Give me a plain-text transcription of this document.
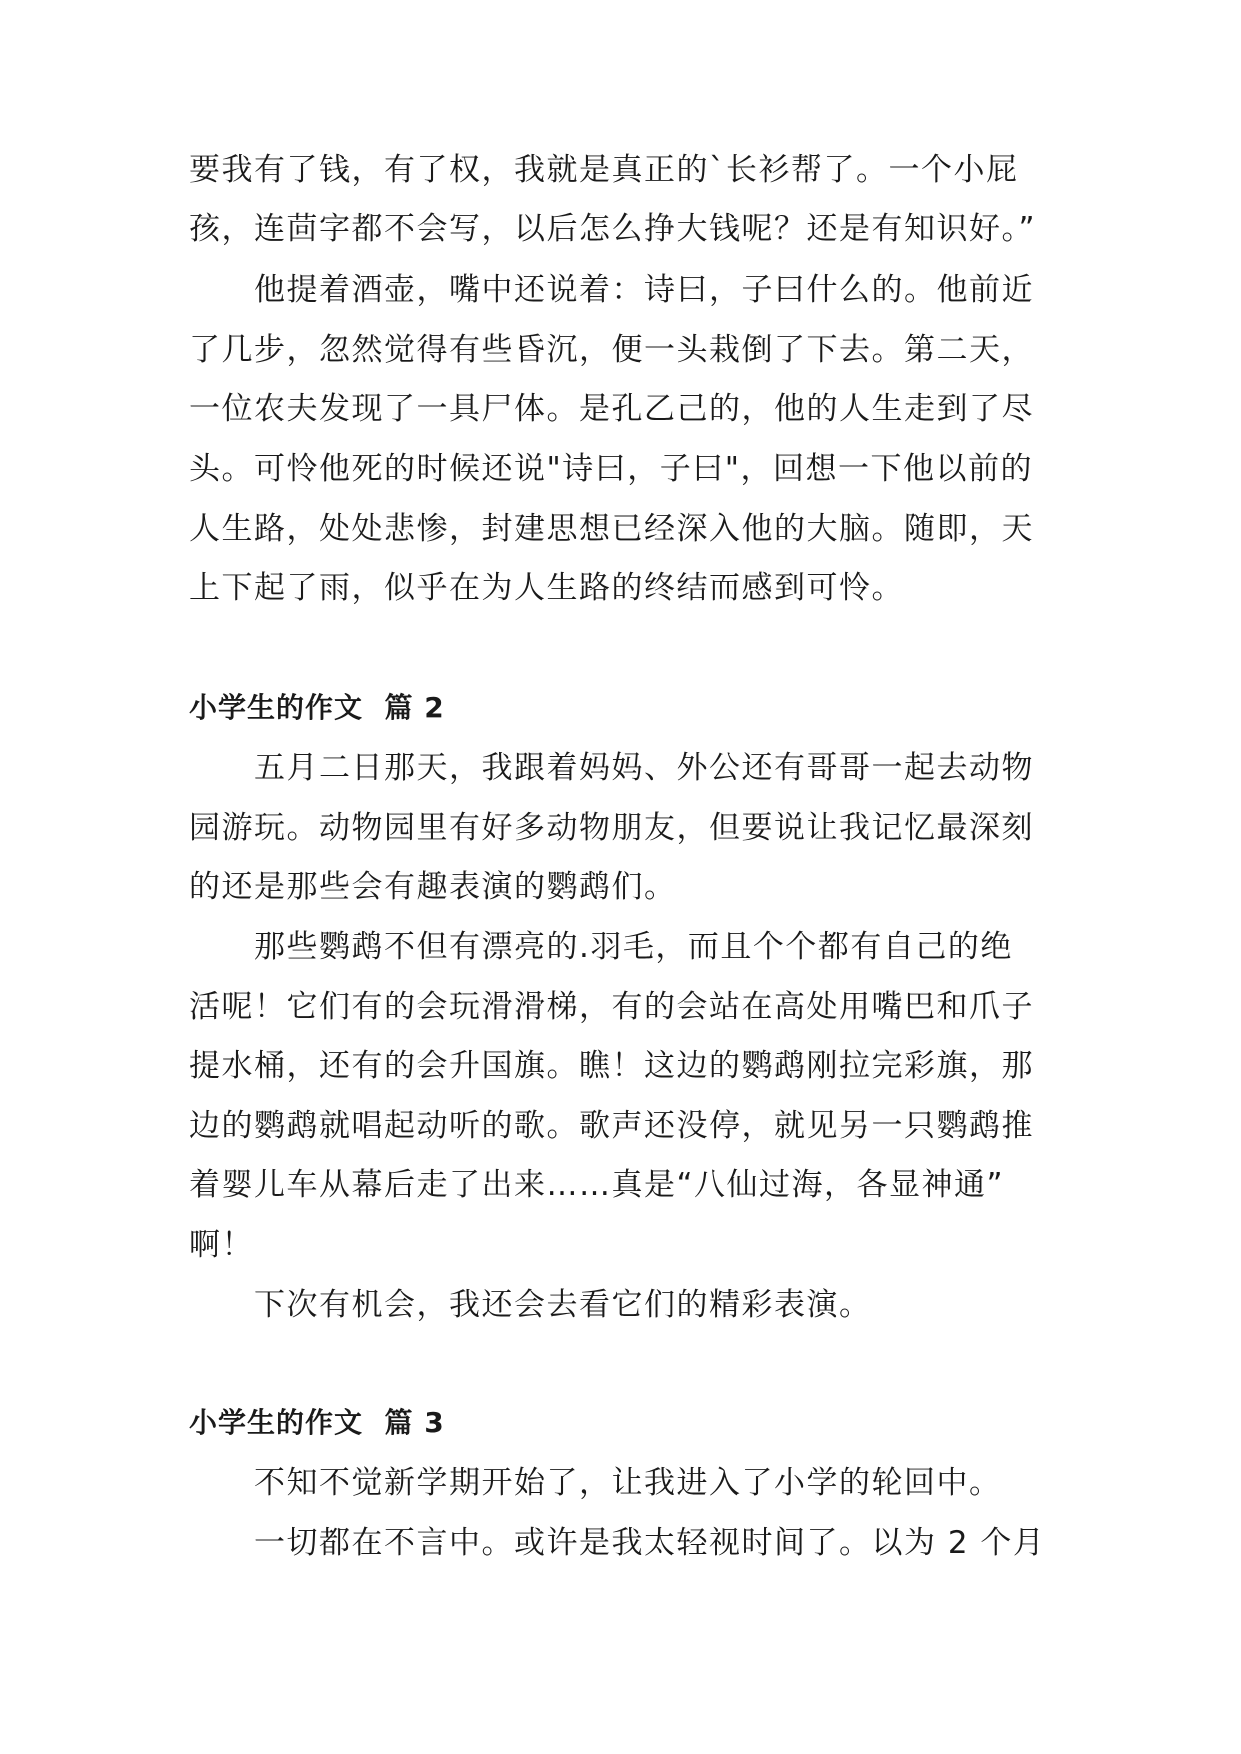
要我有了钱，有了权，我就是真正的`长衫帮了。一个小屁

孩，连茴字都不会写，以后怎么挣大钱呢？还是有知识好。”

他提着酒壶，嘴中还说着：诗曰，子曰什么的。他前近

了几步，忽然觉得有些昏沉，便一头栽倒了下去。第二天，

一位农夫发现了一具尸体。是孔乙己的，他的人生走到了尽

头。可怜他死的时候还说"诗曰，子曰"，回想一下他以前的

人生路，处处悲惨，封建思想已经深入他的大脑。随即，天

上下起了雨，似乎在为人生路的终结而感到可怜。

小学生的作文  篇 2

五月二日那天，我跟着妈妈、外公还有哥哥一起去动物

园游玩。动物园里有好多动物朋友，但要说让我记忆最深刻

的还是那些会有趣表演的鹦鹉们。

那些鹦鹉不但有漂亮的.羽毛，而且个个都有自己的绝

活呢！它们有的会玩滑滑梯，有的会站在高处用嘴巴和爪子

提水桶，还有的会升国旗。瞧！这边的鹦鹉刚拉完彩旗，那

边的鹦鹉就唱起动听的歌。歌声还没停，就见另一只鹦鹉推

着婴儿车从幕后走了出来……真是“八仙过海，各显神通”

啊！

下次有机会，我还会去看它们的精彩表演。

小学生的作文  篇 3

不知不觉新学期开始了，让我进入了小学的轮回中。

一切都在不言中。或许是我太轻视时间了。以为 2 个月
